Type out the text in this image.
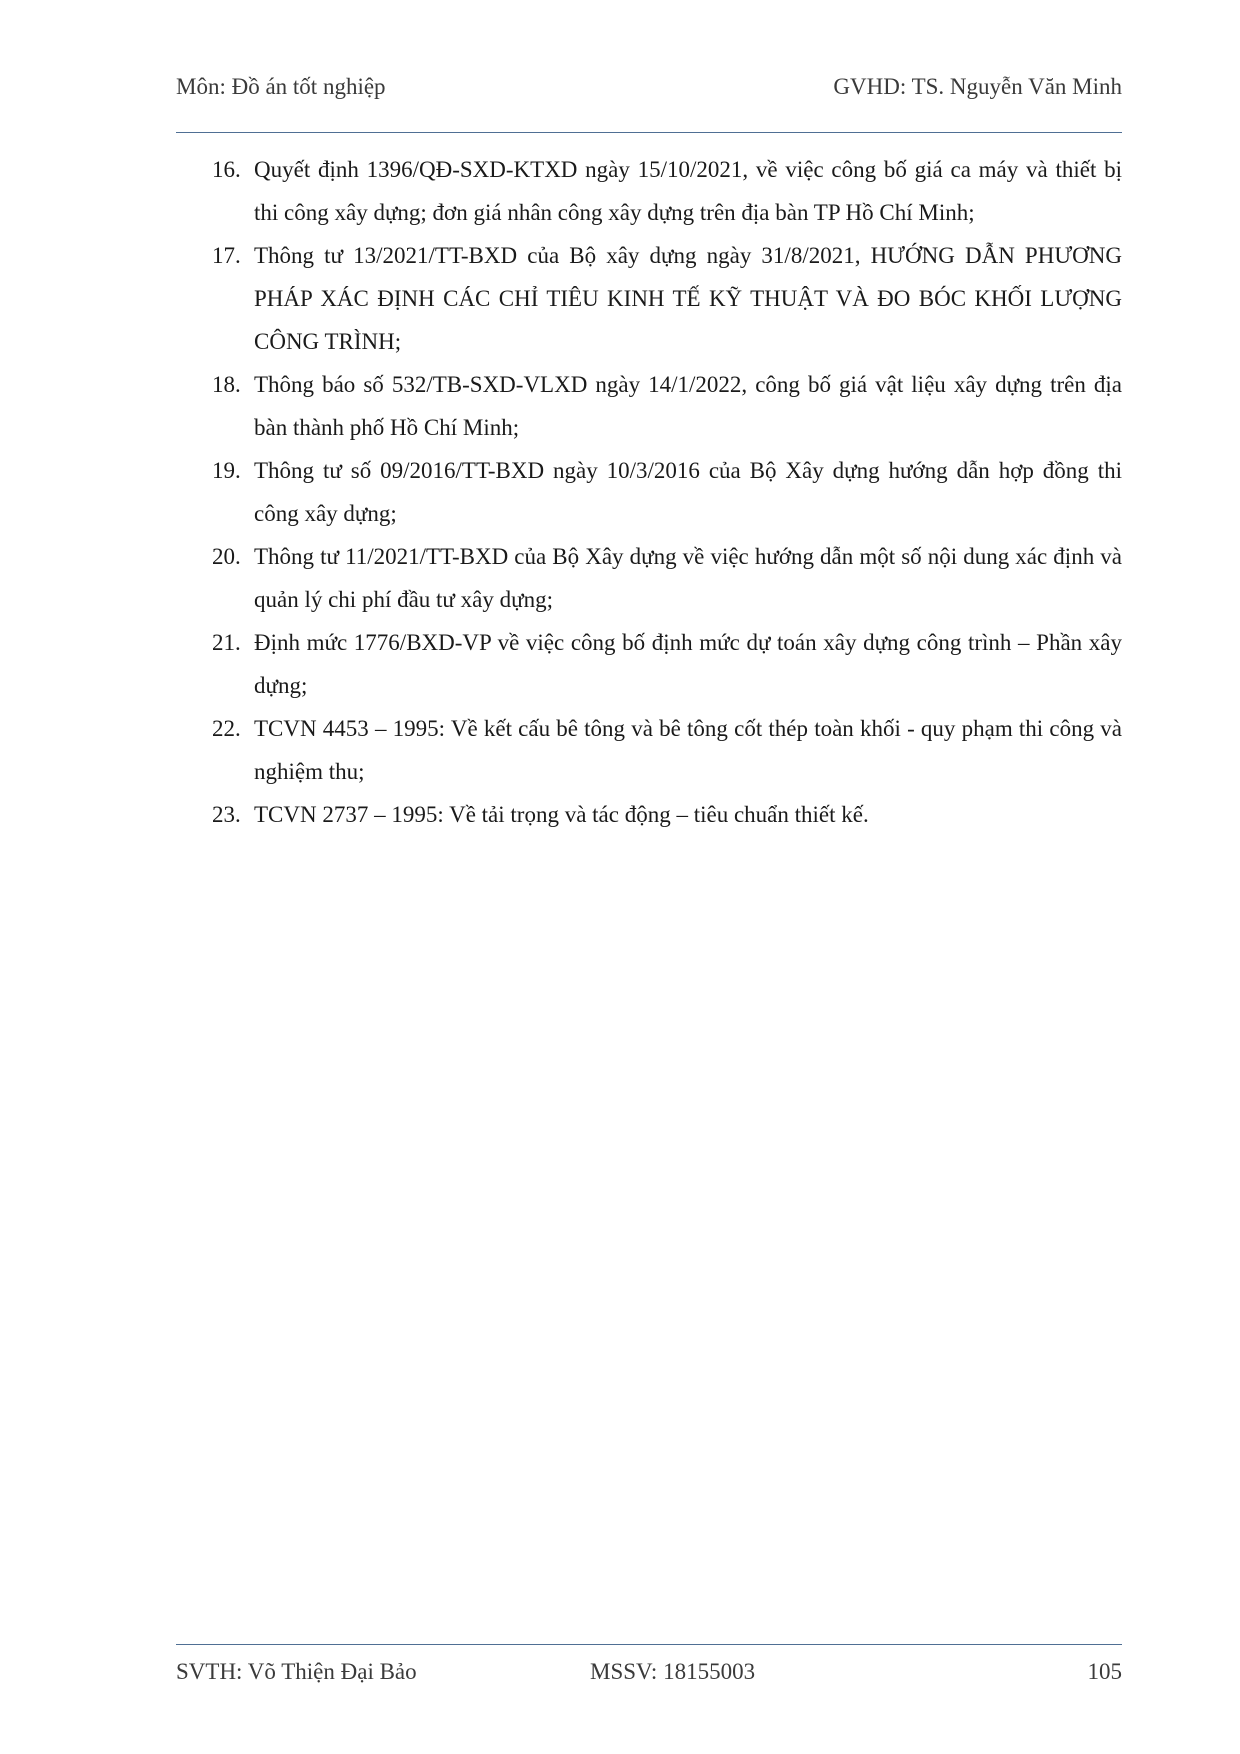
Môn: Đồ án tốt nghiệp	GVHD: TS. Nguyễn Văn Minh
16. Quyết định 1396/QĐ-SXD-KTXD ngày 15/10/2021, về việc công bố giá ca máy và thiết bị thi công xây dựng; đơn giá nhân công xây dựng trên địa bàn TP Hồ Chí Minh;
17. Thông tư 13/2021/TT-BXD của Bộ xây dựng ngày 31/8/2021, HƯỚNG DẪN PHƯƠNG PHÁP XÁC ĐỊNH CÁC CHỈ TIÊU KINH TẾ KỸ THUẬT VÀ ĐO BÓC KHỐI LƯỢNG CÔNG TRÌNH;
18. Thông báo số 532/TB-SXD-VLXD ngày 14/1/2022, công bố giá vật liệu xây dựng trên địa bàn thành phố Hồ Chí Minh;
19. Thông tư số 09/2016/TT-BXD ngày 10/3/2016 của Bộ Xây dựng hướng dẫn hợp đồng thi công xây dựng;
20. Thông tư 11/2021/TT-BXD của Bộ Xây dựng về việc hướng dẫn một số nội dung xác định và quản lý chi phí đầu tư xây dựng;
21. Định mức 1776/BXD-VP về việc công bố định mức dự toán xây dựng công trình – Phần xây dựng;
22. TCVN 4453 – 1995: Về kết cấu bê tông và bê tông cốt thép toàn khối - quy phạm thi công và nghiệm thu;
23. TCVN 2737 – 1995: Về tải trọng và tác động – tiêu chuẩn thiết kế.
SVTH: Võ Thiện Đại Bảo	MSSV: 18155003	105
